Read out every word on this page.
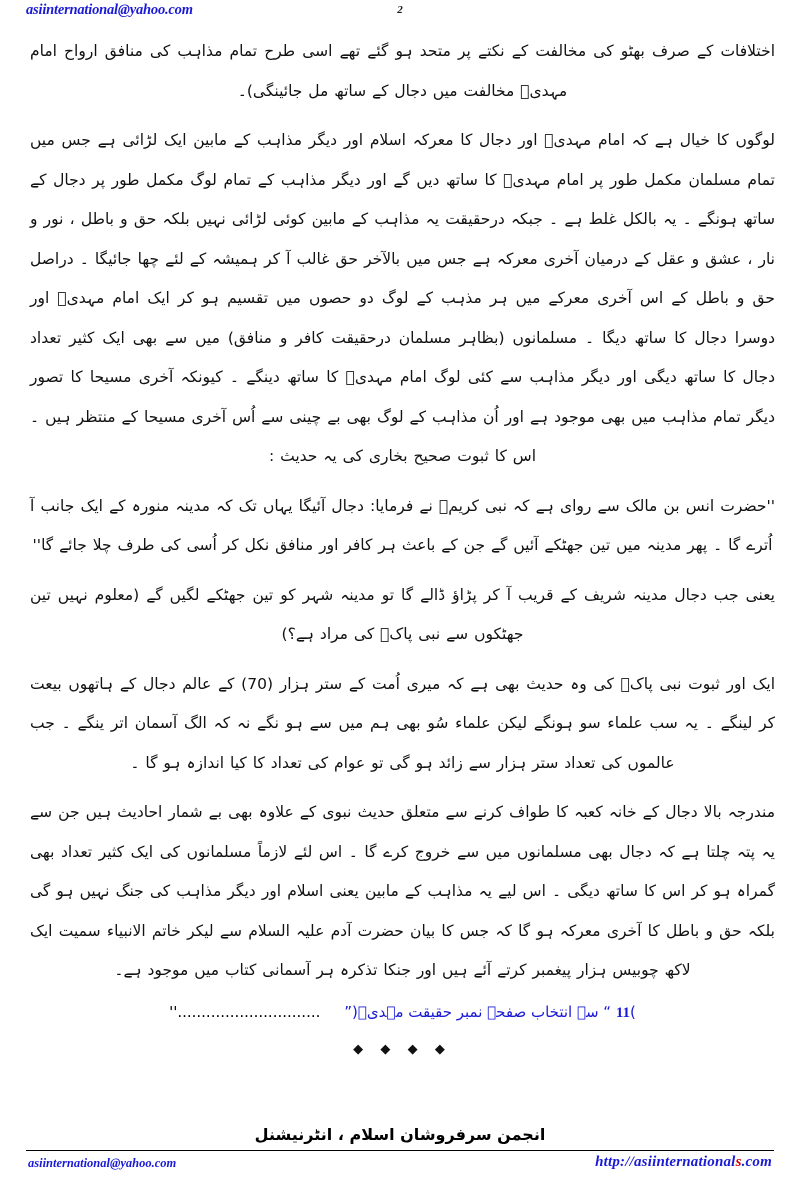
asiinternational@yahoo.com	2

اختلافات کے صرف بھٹو کی مخالفت کے نکتے پر متحد ہو گئے تھے اسی طرح تمام مذاہب کی منافق ارواح امام مہدیؑ مخالفت میں دجال کے ساتھ مل جائینگی)۔

لوگوں کا خیال ہے کہ امام مہدیؑ اور دجال کا معرکہ اسلام اور دیگر مذاہب کے مابین ایک لڑائی ہے جس میں تمام مسلمان مکمل طور پر امام مہدیؑ کا ساتھ دیں گے اور دیگر مذاہب کے تمام لوگ مکمل طور پر دجال کے ساتھ ہونگے ۔ یہ بالکل غلط ہے ۔ جبکہ درحقیقت یہ مذاہب کے مابین کوئی لڑائی نہیں بلکہ حق و باطل ، نور و نار ، عشق و عقل کے درمیان آخری معرکہ ہے جس میں بالآخر حق غالب آ کر ہمیشہ کے لئے چھا جائیگا ۔ دراصل حق و باطل کے اس آخری معرکے میں ہر مذہب کے لوگ دو حصوں میں تقسیم ہو کر ایک امام مہدیؑ اور دوسرا دجال کا ساتھ دیگا ۔ مسلمانوں (بظاہر مسلمان درحقیقت کافر و منافق) میں سے بھی ایک کثیر تعداد دجال کا ساتھ دیگی اور دیگر مذاہب سے کئی لوگ امام مہدیؑ کا ساتھ دینگے ۔ کیونکہ آخری مسیحا کا تصور دیگر تمام مذاہب میں بھی موجود ہے اور اُن مذاہب کے لوگ بھی بے چینی سے اُس آخری مسیحا کے منتظر ہیں ۔ اس کا ثبوت صحیح بخاری کی یہ حدیث :

''حضرت انس بن مالک سے روای ہے کہ نبی کریمؐ نے فرمایا: دجال آئیگا یہاں تک کہ مدینہ منورہ کے ایک جانب آ اُترے گا ۔ پھر مدینہ میں تین جھٹکے آئیں گے جن کے باعث ہر کافر اور منافق نکل کر اُسی کی طرف چلا جائے گا''

یعنی جب دجال مدینہ شریف کے قریب آ کر پڑاؤ ڈالے گا تو مدینہ شہر کو تین جھٹکے لگیں گے (معلوم نہیں تین جھٹکوں سے نبی پاکؐ کی مراد ہے؟)

ایک اور ثبوت نبی پاکؐ کی وہ حدیث بھی ہے کہ میری اُمت کے ستر ہزار (70) کے عالم دجال کے ہاتھوں بیعت کر لینگے ۔ یہ سب علماء سو ہونگے لیکن علماء سُو بھی ہم میں سے ہو نگے نہ کہ الگ آسمان اتر ینگے ۔ جب عالموں کی تعداد ستر ہزار سے زائد ہو گی تو عوام کی تعداد کا کیا اندازہ ہو گا ۔

مندرجہ بالا دجال کے خانہ کعبہ کا طواف کرنے سے متعلق حدیث نبوی کے علاوہ بھی بے شمار احادیث ہیں جن سے یہ پتہ چلتا ہے کہ دجال بھی مسلمانوں میں سے خروج کرے گا ۔ اس لئے لازماً مسلمانوں کی ایک کثیر تعداد بھی گمراہ ہو کر اس کا ساتھ دیگی ۔ اس لیے یہ مذاہب کے مابین یعنی اسلام اور دیگر مذاہب کی جنگ نہیں ہو گی بلکہ حق و باطل کا آخری معرکہ ہو گا کہ جس کا بیان حضرت آدم علیہ السلام سے لیکر خاتم الانبیاء سمیت ایک لاکھ چوبیس ہزار پیغمبر کرتے آئے ہیں اور جنکا تذکرہ ہر آسمانی کتاب میں موجود ہے۔

)11 “ سے انتخاب صفحہ نمبر حقیقت مہدیؑ(”     ..............................''
◆ ◆ ◆ ◆
انجمن سرفروشان اسلام ، انٹرنیشنل
asiinternational@yahoo.com	http://asiinternationals.com
